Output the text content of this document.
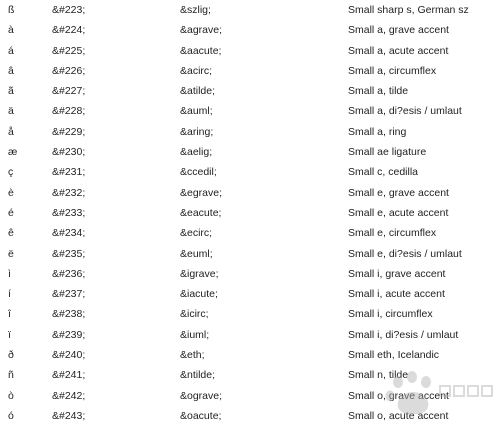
ß	&#223;	&szlig;	Small sharp s, German sz
à	&#224;	&agrave;	Small a, grave accent
á	&#225;	&aacute;	Small a, acute accent
â	&#226;	&acirc;	Small a, circumflex
ã	&#227;	&atilde;	Small a, tilde
ä	&#228;	&auml;	Small a, di?esis / umlaut
å	&#229;	&aring;	Small a, ring
æ	&#230;	&aelig;	Small ae ligature
ç	&#231;	&ccedil;	Small c, cedilla
è	&#232;	&egrave;	Small e, grave accent
é	&#233;	&eacute;	Small e, acute accent
ê	&#234;	&ecirc;	Small e, circumflex
ë	&#235;	&euml;	Small e, di?esis / umlaut
ì	&#236;	&igrave;	Small i, grave accent
í	&#237;	&iacute;	Small i, acute accent
î	&#238;	&icirc;	Small i, circumflex
ï	&#239;	&iuml;	Small i, di?esis / umlaut
ð	&#240;	&eth;	Small eth, Icelandic
ñ	&#241;	&ntilde;	Small n, tilde
ò	&#242;	&ograve;	Small o, grave accent
ó	&#243;	&oacute;	Small o, acute accent
